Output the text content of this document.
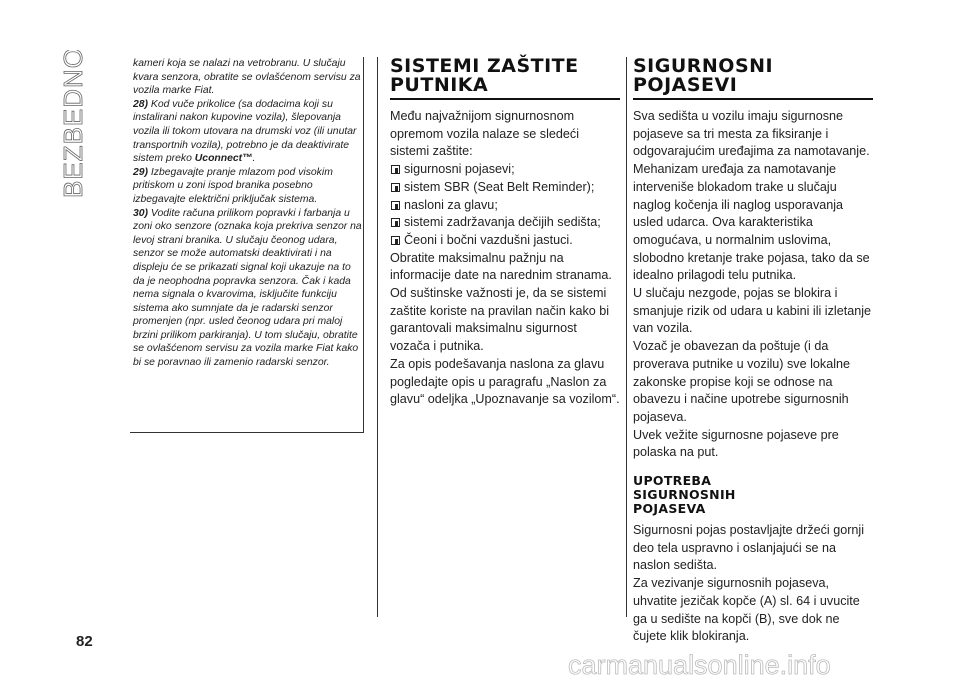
BEZBEDNOST
82

kameri koja se nalazi na vetrobranu. U slučaju kvara senzora, obratite se ovlašćenom servisu za vozila marke Fiat.

28) Kod vuče prikolice (sa dodacima koji su instalirani nakon kupovine vozila), šlepovanja vozila ili tokom utovara na drumski voz (ili unutar transportnih vozila), potrebno je da deaktivirate sistem preko Uconnect™.

29) Izbegavajte pranje mlazom pod visokim pritiskom u zoni ispod branika posebno izbegavajte električni priključak sistema.

30) Vodite računa prilikom popravki i farbanja u zoni oko senzore (oznaka koja prekriva senzor na levoj strani branika. U slučaju čeonog udara, senzor se može automatski deaktivirati i na displeju će se prikazati signal koji ukazuje na to da je neophodna popravka senzora. Čak i kada nema signala o kvarovima, isključite funkciju sistema ako sumnjate da je radarski senzor promenjen (npr. usled čeonog udara pri maloj brzini prilikom parkiranja). U tom slučaju, obratite se ovlašćenom servisu za vozila marke Fiat kako bi se poravnao ili zamenio radarski senzor.

SISTEMI ZAŠTITE
PUTNIKA

Među najvažnijom signurnosnom opremom vozila nalaze se sledeći sistemi zaštite:

sigurnosni pojasevi;
sistem SBR (Seat Belt Reminder);
nasloni za glavu;
sistemi zadržavanja dečijih sedišta;
Čeoni i bočni vazdušni jastuci.

Obratite maksimalnu pažnju na informacije date na narednim stranama. Od suštinske važnosti je, da se sistemi zaštite koriste na pravilan način kako bi garantovali maksimalnu sigurnost vozača i putnika.

Za opis podešavanja naslona za glavu pogledajte opis u paragrafu „Naslon za glavu“ odeljka „Upoznavanje sa vozilom“.

SIGURNOSNI
POJASEVI

Sva sedišta u vozilu imaju sigurnosne pojaseve sa tri mesta za fiksiranje i odgovarajućim uređajima za namotavanje.

Mehanizam uređaja za namotavanje interveniše blokadom trake u slučaju naglog kočenja ili naglog usporavanja usled udarca. Ova karakteristika omogućava, u normalnim uslovima, slobodno kretanje trake pojasa, tako da se idealno prilagodi telu putnika.

U slučaju nezgode, pojas se blokira i smanjuje rizik od udara u kabini ili izletanje van vozila.

Vozač je obavezan da poštuje (i da proverava putnike u vozilu) sve lokalne zakonske propise koji se odnose na obavezu i načine upotrebe sigurnosnih pojaseva.

Uvek vežite sigurnosne pojaseve pre polaska na put.

UPOTREBA
SIGURNOSNIH
POJASEVA

Sigurnosni pojas postavljajte držeći gornji deo tela uspravno i oslanjajući se na naslon sedišta.

Za vezivanje sigurnosnih pojaseva, uhvatite jezičak kopče (A) sl. 64 i uvucite ga u sedište na kopči (B), sve dok ne čujete klik blokiranja.

carmanualsonline.info
